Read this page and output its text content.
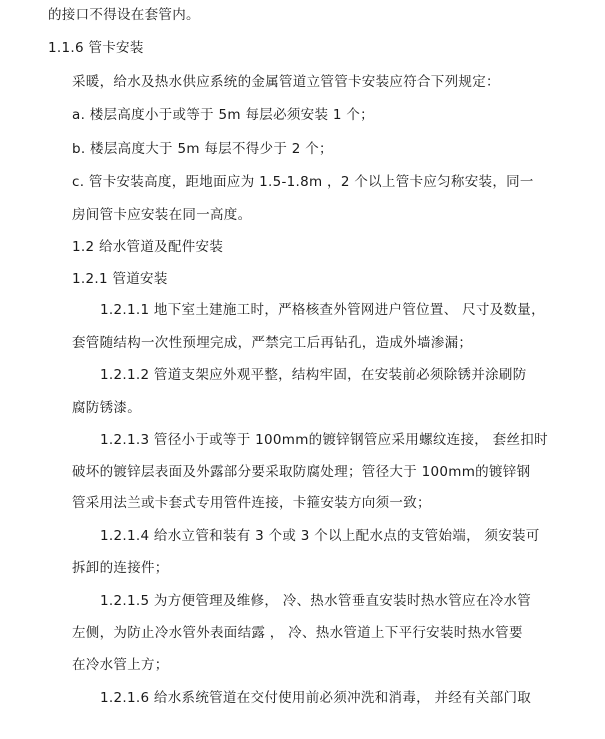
的接口不得设在套管内。
1.1.6 管卡安装
采暖，给水及热水供应系统的金属管道立管管卡安装应符合下列规定：
a. 楼层高度小于或等于 5m 每层必须安装 1 个；
b. 楼层高度大于 5m 每层不得少于 2 个；
c. 管卡安装高度，距地面应为 1.5-1.8m ，2 个以上管卡应匀称安装，同一
房间管卡应安装在同一高度。
1.2 给水管道及配件安装
1.2.1 管道安装
1.2.1.1 地下室土建施工时，严格核查外管网进户管位置、 尺寸及数量，
套管随结构一次性预埋完成，严禁完工后再钻孔，造成外墙渗漏；
1.2.1.2 管道支架应外观平整，结构牢固，在安装前必须除锈并涂刷防
腐防锈漆。
1.2.1.3 管径小于或等于 100mm的镀锌钢管应采用螺纹连接， 套丝扣时
破坏的镀锌层表面及外露部分要采取防腐处理；管径大于 100mm的镀锌钢
管采用法兰或卡套式专用管件连接，卡箍安装方向须一致；
1.2.1.4 给水立管和装有 3 个或 3 个以上配水点的支管始端， 须安装可
拆卸的连接件；
1.2.1.5 为方便管理及维修， 冷、热水管垂直安装时热水管应在冷水管
左侧，为防止冷水管外表面结露 ， 冷、热水管道上下平行安装时热水管要
在冷水管上方；
1.2.1.6 给水系统管道在交付使用前必须冲洗和消毒， 并经有关部门取
